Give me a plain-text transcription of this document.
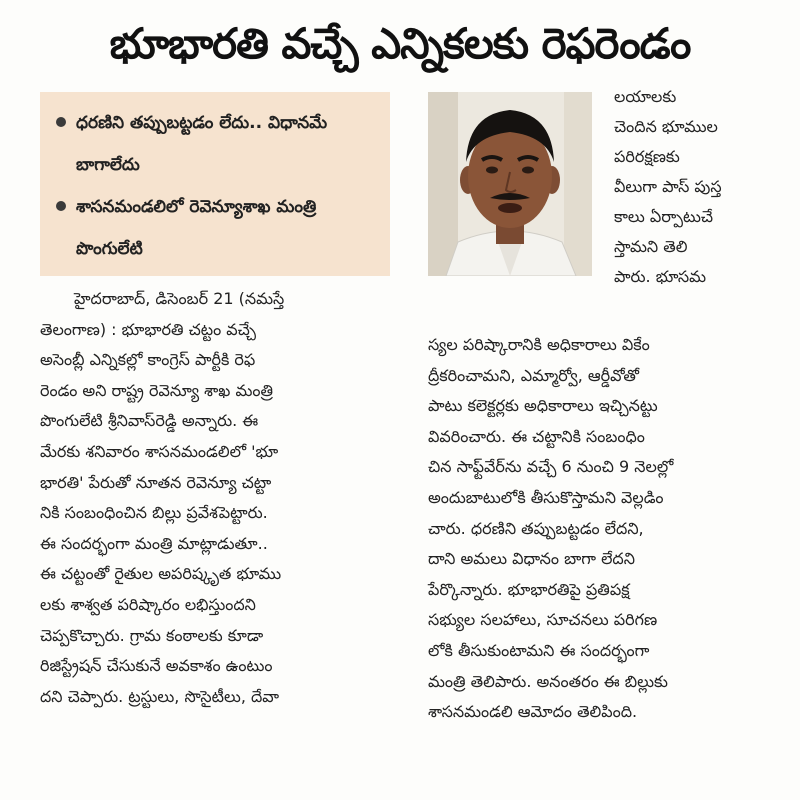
భూభారతి వచ్చే ఎన్నికలకు రెఫరెండం
ధరణిని తప్పుబట్టడం లేదు.. విధానమే బాగాలేదు
శాసనమండలిలో రెవెన్యూశాఖ మంత్రి పొంగులేటి
లయాలకు
చెందిన భూముల
పరిరక్షణకు
వీలుగా పాస్ పుస్త
కాలు ఏర్పాటుచే
స్తామని తెలి
పారు. భూసమ
హైదరాబాద్, డిసెంబర్ 21 (నమస్తే
తెలంగాణ) : భూభారతి చట్టం వచ్చే
అసెంబ్లీ ఎన్నికల్లో కాంగ్రెస్ పార్టీకి రెఫ
రెండం అని రాష్ట్ర రెవెన్యూ శాఖ మంత్రి
పొంగులేటి శ్రీనివాస్‌రెడ్డి అన్నారు. ఈ
మేరకు శనివారం శాసనమండలిలో 'భూ
భారతి' పేరుతో నూతన రెవెన్యూ చట్టా
నికి సంబంధించిన బిల్లు ప్రవేశపెట్టారు.
ఈ సందర్భంగా మంత్రి మాట్లాడుతూ..
ఈ చట్టంతో రైతుల అపరిష్కృత భూము
లకు శాశ్వత పరిష్కారం లభిస్తుందని
చెప్పకొచ్చారు. గ్రామ కంఠాలకు కూడా
రిజిస్ట్రేషన్ చేసుకునే అవకాశం ఉంటుం
దని చెప్పారు. ట్రస్టులు, సొసైటీలు, దేవా
స్యల పరిష్కారానికి అధికారాలు వికేం
ద్రీకరించామని, ఎమ్మార్వో, ఆర్డీవోతో
పాటు కలెక్టర్లకు అధికారాలు ఇచ్చినట్టు
వివరించారు. ఈ చట్టానికి సంబంధిం
చిన సాఫ్ట్‌వేర్‌ను వచ్చే 6 నుంచి 9 నెలల్లో
అందుబాటులోకి తీసుకొస్తామని వెల్లడిం
చారు. ధరణిని తప్పుబట్టడం లేదని,
దాని అమలు విధానం బాగా లేదని
పేర్కొన్నారు. భూభారతిపై ప్రతిపక్ష
సభ్యుల సలహాలు, సూచనలు పరిగణ
లోకి తీసుకుంటామని ఈ సందర్భంగా
మంత్రి తెలిపారు. అనంతరం ఈ బిల్లుకు
శాసనమండలి ఆమోదం తెలిపింది.
